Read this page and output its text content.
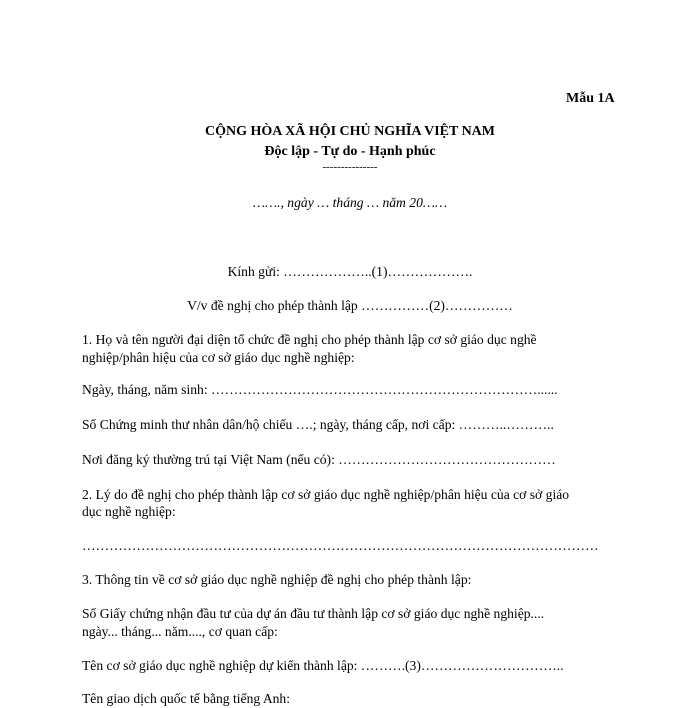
Mẫu 1A
CỘNG HÒA XÃ HỘI CHỦ NGHĨA VIỆT NAM
Độc lập - Tự do - Hạnh phúc
---------------
……., ngày … tháng … năm 20……
Kính gửi: ………………..(1)……………….
V/v đề nghị cho phép thành lập ……………(2)……………
1. Họ và tên người đại diện tổ chức đề nghị cho phép thành lập cơ sở giáo dục nghề
nghiệp/phân hiệu của cơ sở giáo dục nghề nghiệp:
Ngày, tháng, năm sinh: ………………………………………………………………......
Số Chứng minh thư nhân dân/hộ chiếu ….; ngày, tháng cấp, nơi cấp: ………..………..
Nơi đăng ký thường trú tại Việt Nam (nếu có): …………………………………………
2. Lý do đề nghị cho phép thành lập cơ sở giáo dục nghề nghiệp/phân hiệu của cơ sở giáo
dục nghề nghiệp:
……………………………………………………………………………………………………
3. Thông tin về cơ sở giáo dục nghề nghiệp đề nghị cho phép thành lập:
Số Giấy chứng nhận đầu tư của dự án đầu tư thành lập cơ sở giáo dục nghề nghiệp....
ngày... tháng... năm...., cơ quan cấp:
Tên cơ sở giáo dục nghề nghiệp dự kiến thành lập: ……….(3)…………………………..
Tên giao dịch quốc tế bằng tiếng Anh:
